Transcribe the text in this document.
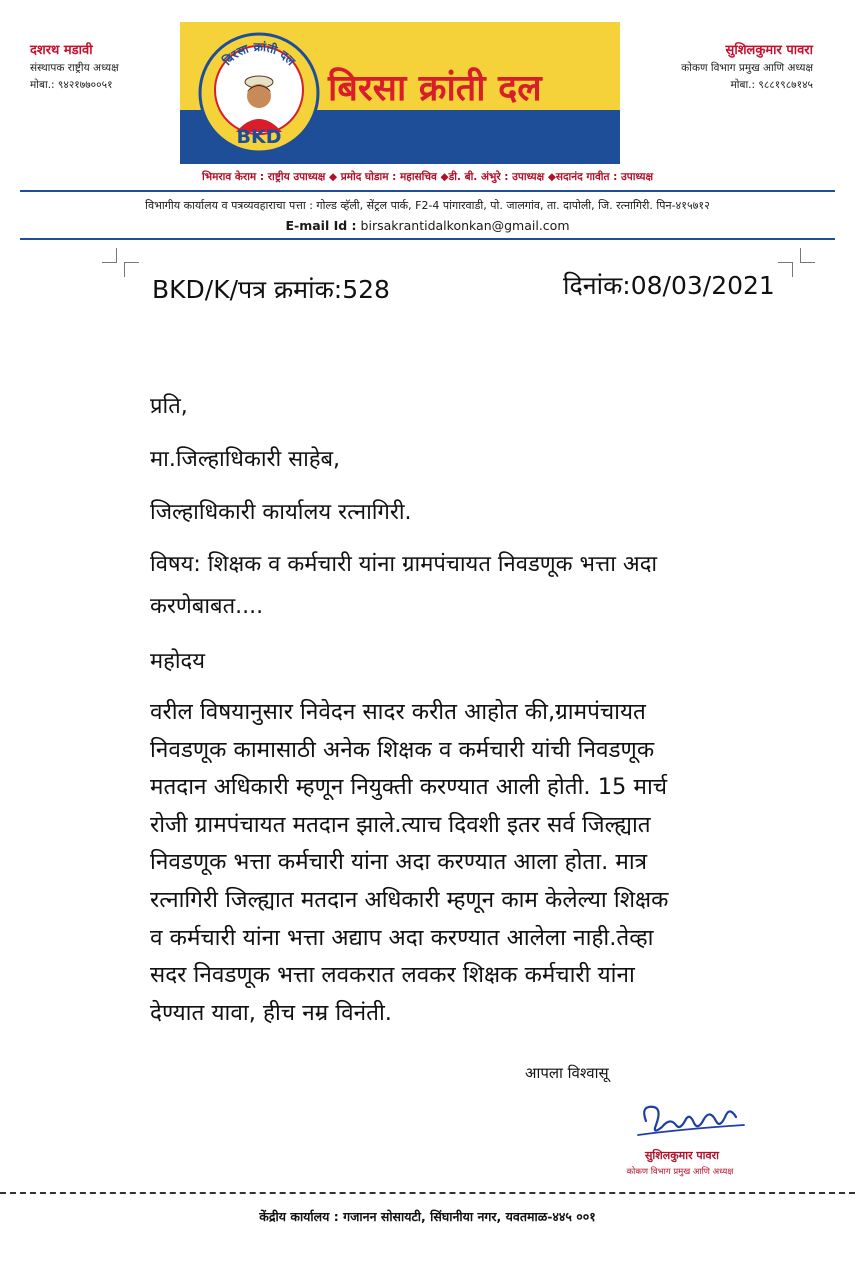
दशरथ मडावी
संस्थापक राष्ट्रीय अध्यक्ष
मोबा.: ९४२१७७००५१	बिरसा क्रांती दल
बिरसा क्रांती दल
BKD
सुशिलकुमार पावरा
कोकण विभाग प्रमुख आणि अध्यक्ष
मोबा.: ९८८१९८७१४५
भिमराव केराम : राष्ट्रीय उपाध्यक्ष ◆ प्रमोद घोडाम : महासचिव ◆डी. बी. अंभुरे : उपाध्यक्ष ◆सदानंद गावीत : उपाध्यक्ष
विभागीय कार्यालय व पत्रव्यवहाराचा पत्ता : गोल्ड व्हॅली, सेंट्रल पार्क, F2-4 पांगारवाडी, पो. जालगांव, ता. दापोली, जि. रत्नागिरी. पिन-४१५७१२
E-mail Id : birsakrantidalkonkan@gmail.com
BKD/K/पत्र क्रमांक:528	दिनांक:08/03/2021
प्रति,
मा.जिल्हाधिकारी साहेब,
जिल्हाधिकारी कार्यालय रत्नागिरी.
विषय: शिक्षक व कर्मचारी यांना ग्रामपंचायत निवडणूक भत्ता अदा
करणेबाबत....
महोदय
वरील विषयानुसार निवेदन सादर करीत आहोत की,ग्रामपंचायत
निवडणूक कामासाठी अनेक शिक्षक व कर्मचारी यांची निवडणूक
मतदान अधिकारी म्हणून नियुक्ती करण्यात आली होती. 15 मार्च
रोजी ग्रामपंचायत मतदान झाले.त्याच दिवशी इतर सर्व जिल्ह्यात
निवडणूक भत्ता कर्मचारी यांना अदा करण्यात आला होता. मात्र
रत्नागिरी जिल्ह्यात मतदान अधिकारी म्हणून काम केलेल्या शिक्षक
व कर्मचारी यांना भत्ता अद्याप अदा करण्यात आलेला नाही.तेव्हा
सदर निवडणूक भत्ता लवकरात लवकर शिक्षक कर्मचारी यांना
देण्यात यावा, हीच नम्र विनंती.
आपला विश्वासू
सुशिलकुमार पावरा
कोकण विभाग प्रमुख आणि अध्यक्ष
केंद्रीय कार्यालय : गजानन सोसायटी, सिंघानीया नगर, यवतमाळ-४४५ ००१
